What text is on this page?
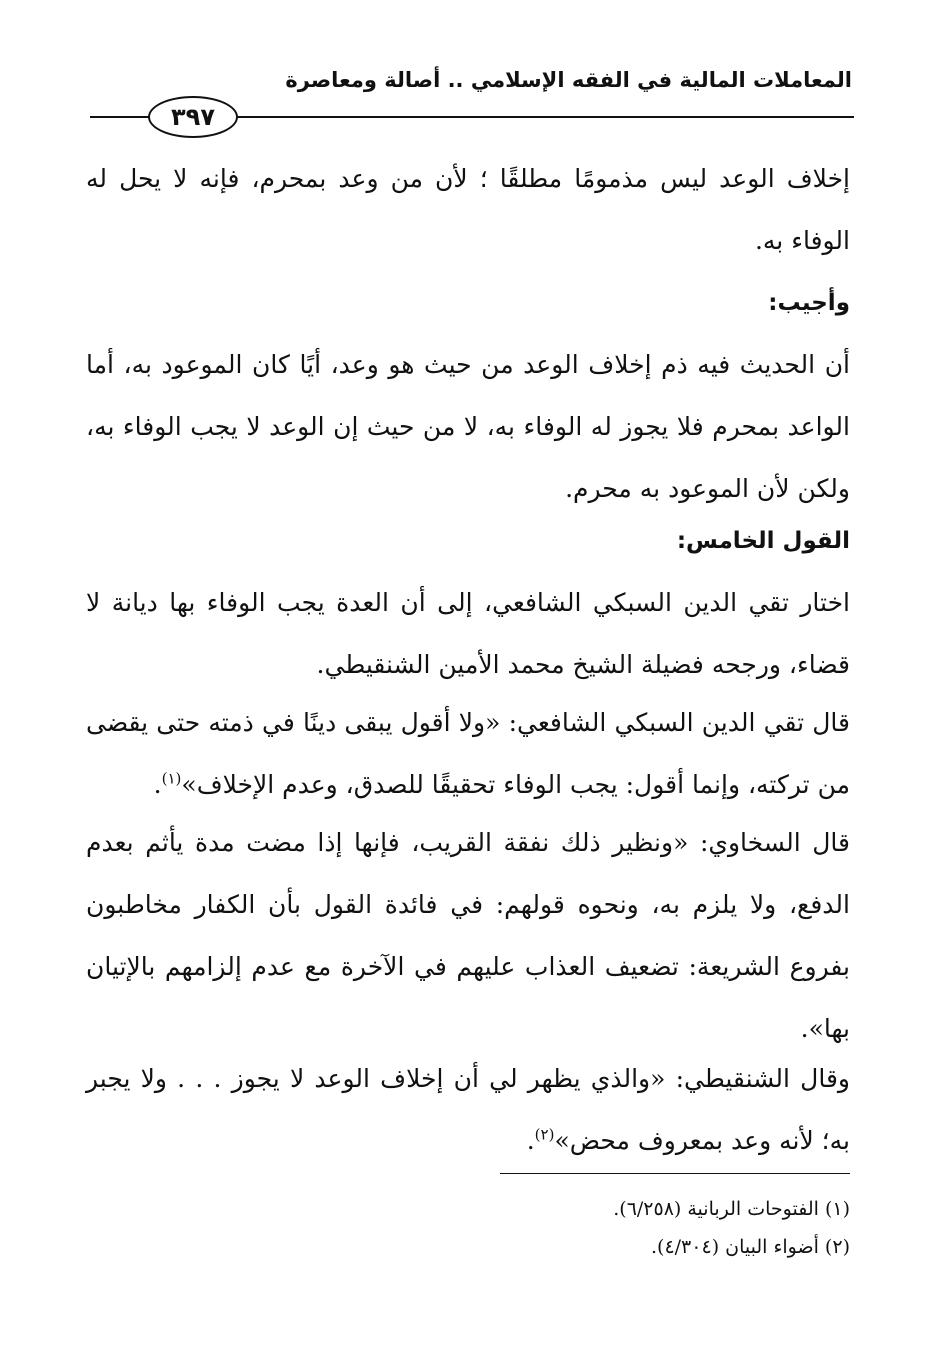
المعاملات المالية في الفقه الإسلامي .. أصالة ومعاصرة
٣٩٧

إخلاف الوعد ليس مذمومًا مطلقًا ؛ لأن من وعد بمحرم، فإنه لا يحل له الوفاء به.

وأجيب:

أن الحديث فيه ذم إخلاف الوعد من حيث هو وعد، أيًا كان الموعود به، أما الواعد بمحرم فلا يجوز له الوفاء به، لا من حيث إن الوعد لا يجب الوفاء به، ولكن لأن الموعود به محرم.

القول الخامس:

اختار تقي الدين السبكي الشافعي، إلى أن العدة يجب الوفاء بها ديانة لا قضاء، ورجحه فضيلة الشيخ محمد الأمين الشنقيطي.

قال تقي الدين السبكي الشافعي: «ولا أقول يبقى دينًا في ذمته حتى يقضى من تركته، وإنما أقول: يجب الوفاء تحقيقًا للصدق، وعدم الإخلاف»$^{(١)}$.

قال السخاوي: «ونظير ذلك نفقة القريب، فإنها إذا مضت مدة يأثم بعدم الدفع، ولا يلزم به، ونحوه قولهم: في فائدة القول بأن الكفار مخاطبون بفروع الشريعة: تضعيف العذاب عليهم في الآخرة مع عدم إلزامهم بالإتيان بها».

وقال الشنقيطي: «والذي يظهر لي أن إخلاف الوعد لا يجوز . . . ولا يجبر به؛ لأنه وعد بمعروف محض»$^{(٢)}$.

(١) الفتوحات الربانية (٦/٢٥٨).

(٢) أضواء البيان (٤/٣٠٤).
